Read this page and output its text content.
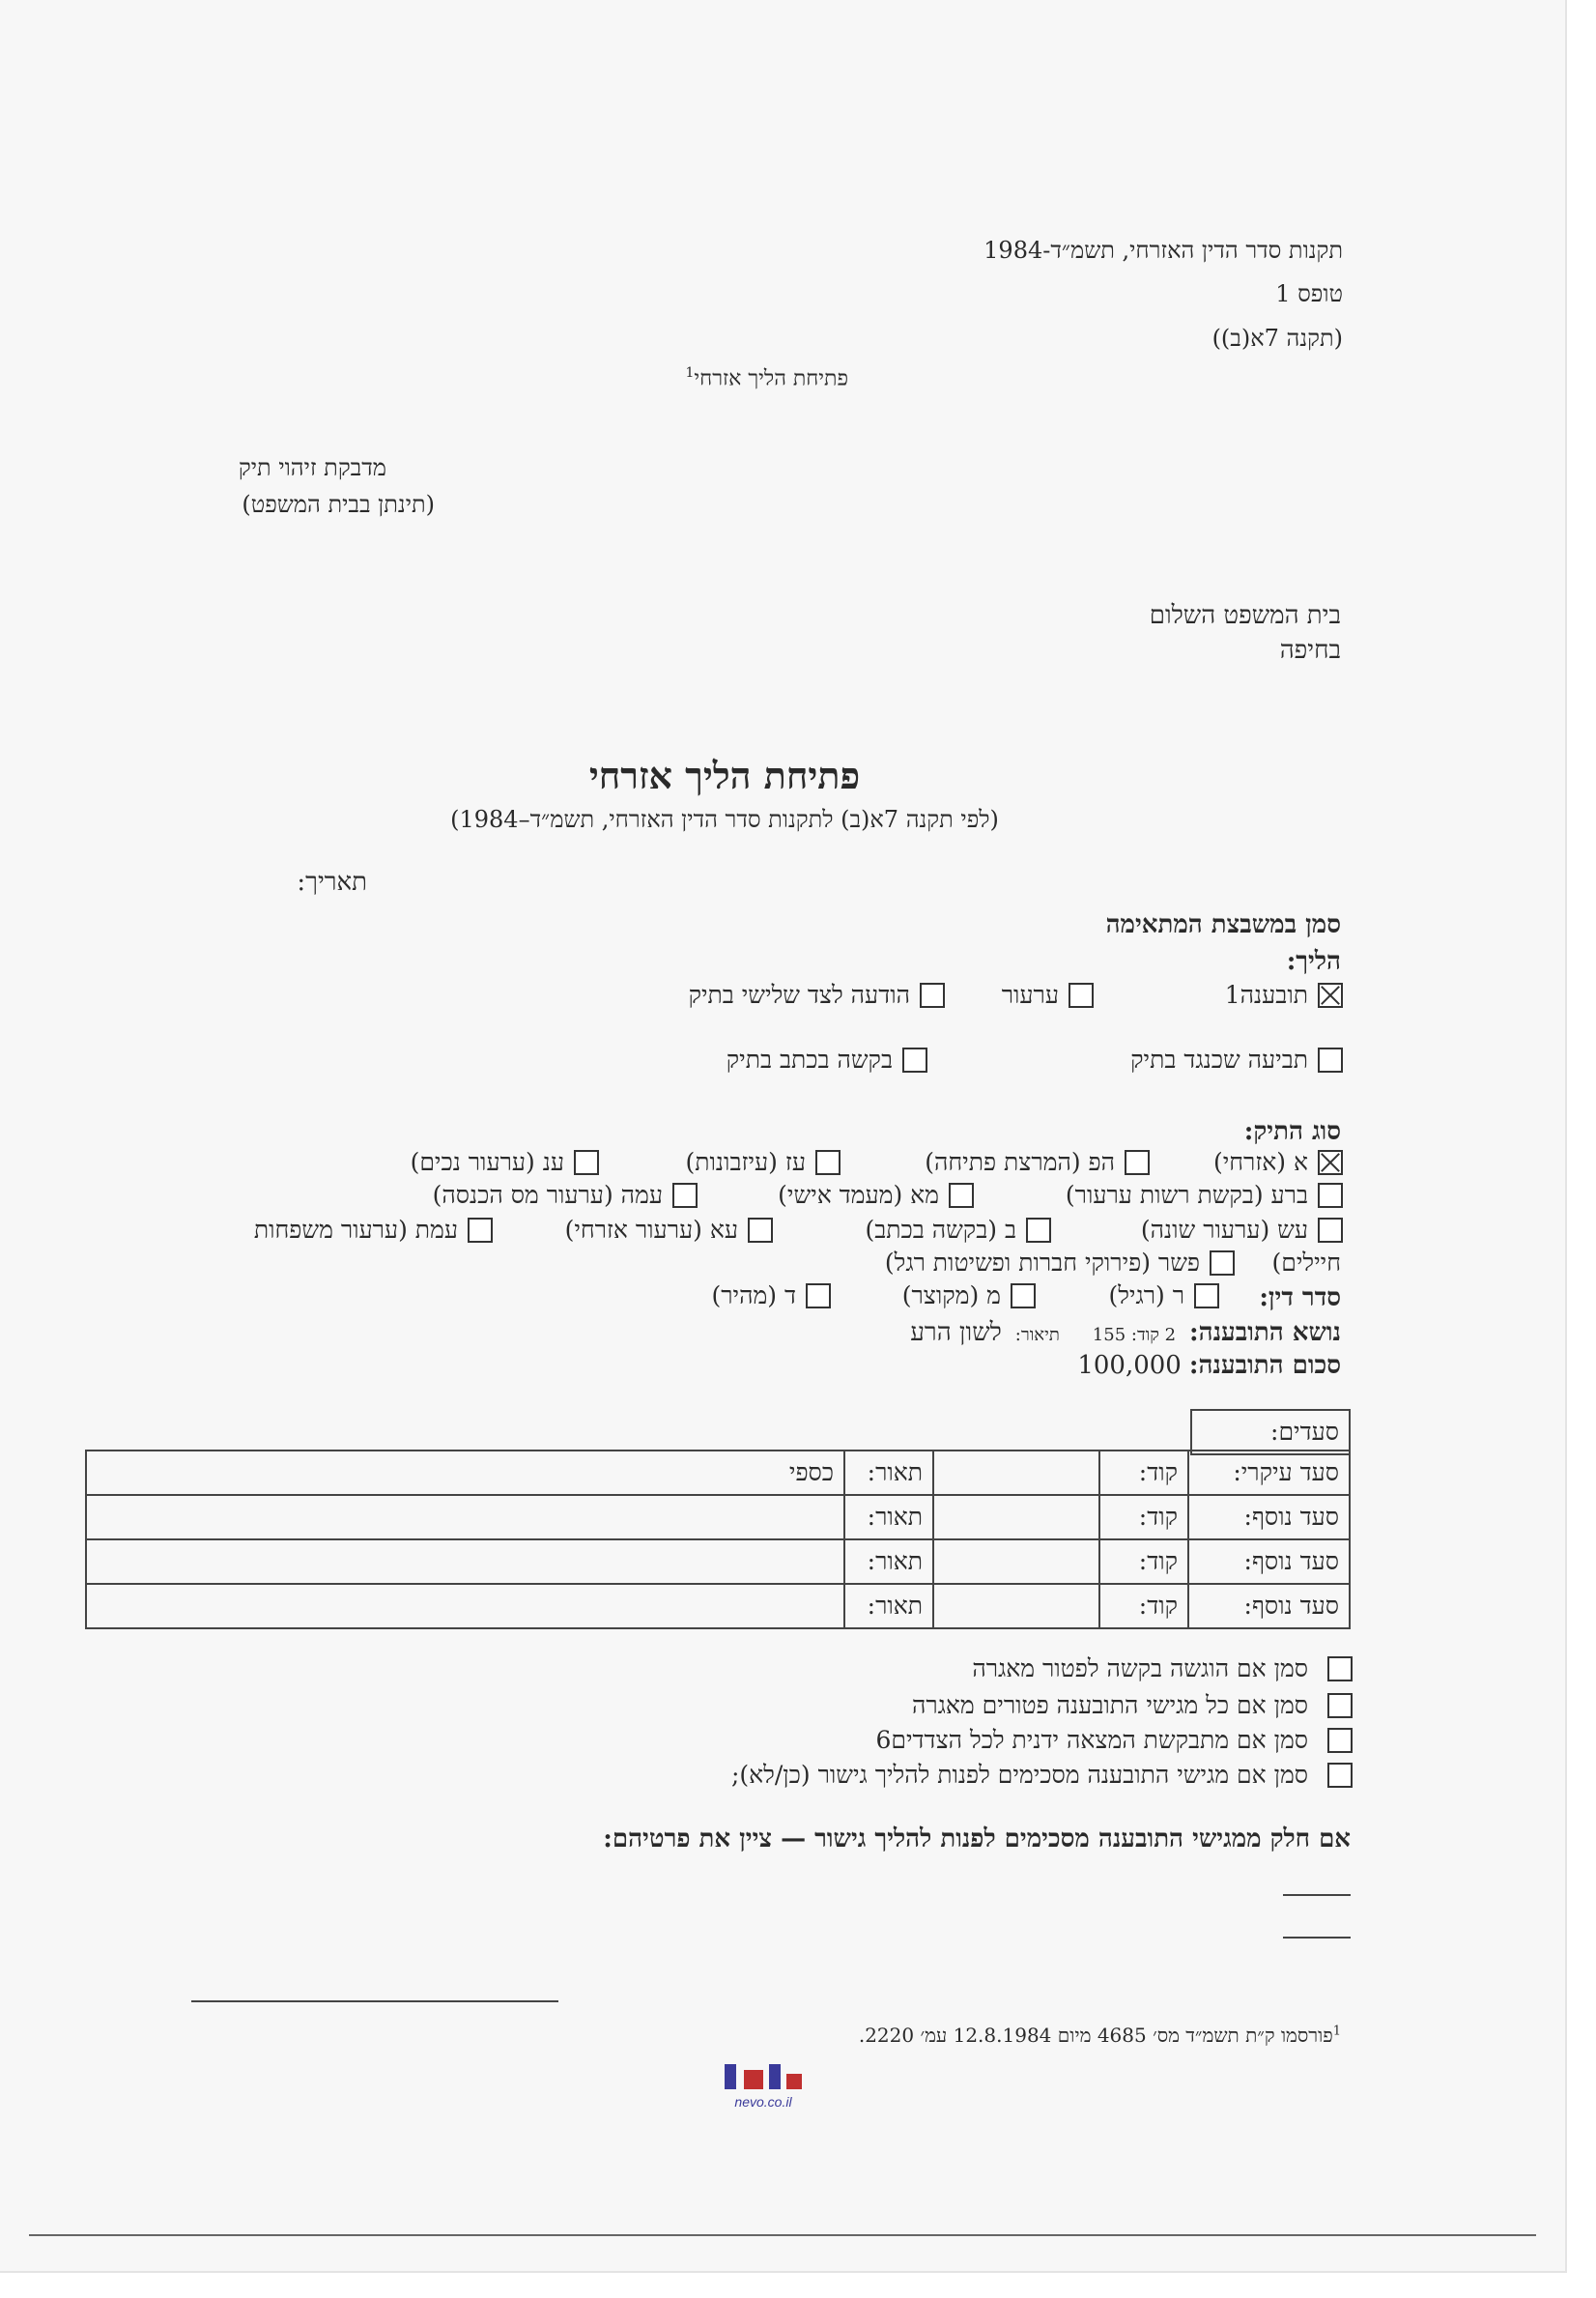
תקנות סדר הדין האזרחי, תשמ״ד-1984
טופס 1
(תקנה 7א(ב))
פתיחת הליך אזרחי$^1$
מדבקת זיהוי תיק
(תינתן בבית המשפט)
בית המשפט השלום
בחיפה
פתיחת הליך אזרחי
(לפי תקנה 7א(ב) לתקנות סדר הדין האזרחי, תשמ״ד–1984)
תאריך:
סמן במשבצת המתאימה
הליך:
תובענה1
ערעור
הודעה לצד שלישי בתיק
תביעה שכנגד בתיק
בקשה בכתב בתיק
סוג התיק:
א (אזרחי)
הפ (המרצת פתיחה)
עז (עיזבונות)
ענ (ערעור נכים)
ברע (בקשת רשות ערעור)
מא (מעמד אישי)
עמה (ערעור מס הכנסה)
עש (ערעור שונה)
ב (בקשה בכתב)
עא (ערעור אזרחי)
עמת (ערעור משפחות
חיילים)
פשר (פירוקי חברות ופשיטות רגל)
סדר דין:
ר (רגיל)
מ (מקוצר)
ד (מהיר)
נושא התובענה:
2 קוד: 155
תיאור:
לשון הרע
סכום התובענה:
100,000
סעדים:
סעד עיקרי:	קוד:		תאור:	כספי
סעד נוסף:	קוד:		תאור:	
סעד נוסף:	קוד:		תאור:	
סעד נוסף:	קוד:		תאור:	
סמן אם הוגשה בקשה לפטור מאגרה
סמן אם כל מגישי התובענה פטורים מאגרה
סמן אם מתבקשת המצאה ידנית לכל הצדדים6
סמן אם מגישי התובענה מסכימים לפנות להליך גישור (כן/לא);
אם חלק ממגישי התובענה מסכימים לפנות להליך גישור — ציין את פרטיהם:
$^1$פורסמו ק״ת תשמ״ד מס׳ 4685 מיום 12.8.1984 עמ׳ 2220.
nevo.co.il
